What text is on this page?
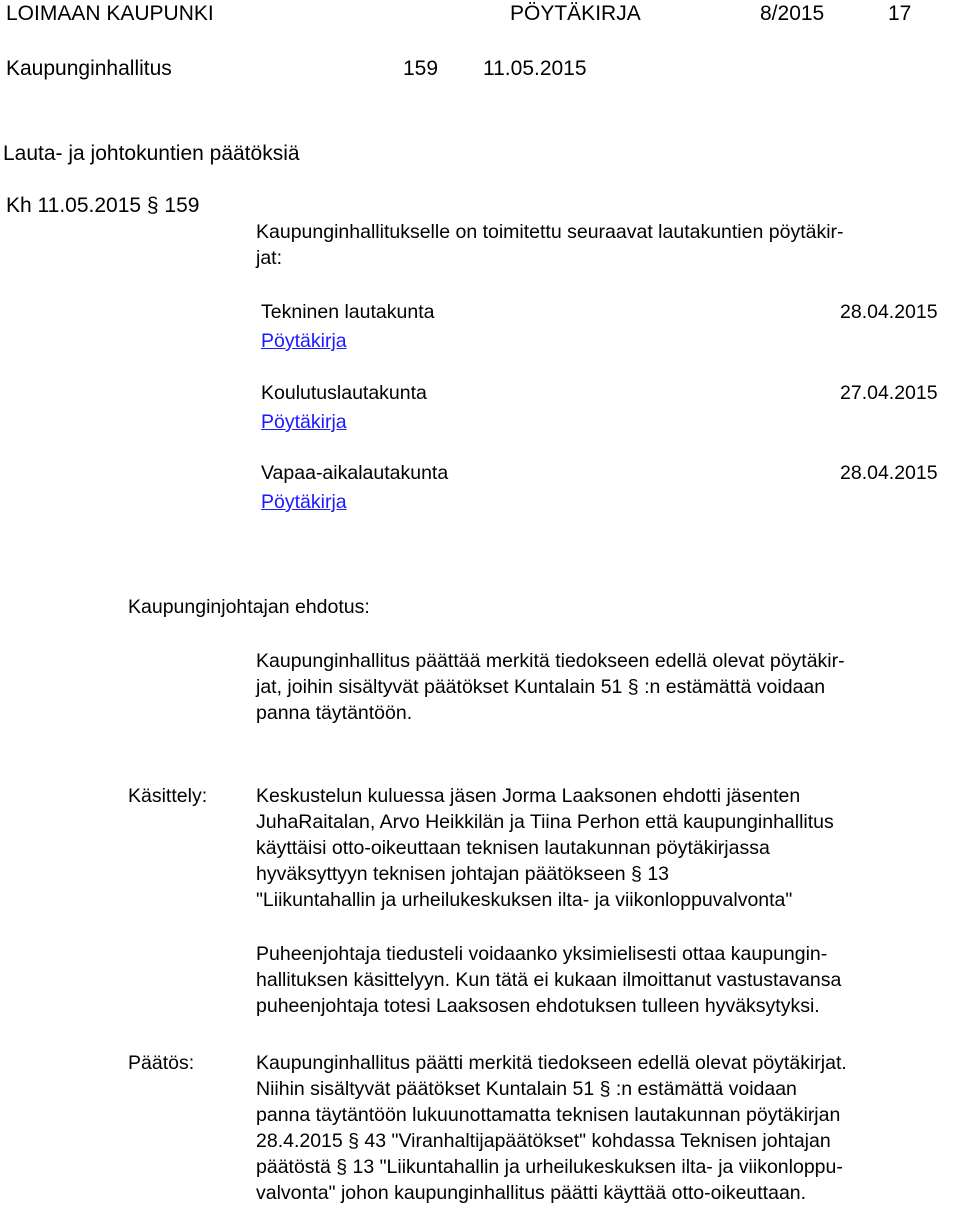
LOIMAAN KAUPUNKI	PÖYTÄKIRJA	8/2015	17
Kaupunginhallitus	159 11.05.2015
Lauta- ja johtokuntien päätöksiä
Kh 11.05.2015 § 159
Kaupunginhallitukselle on toimitettu seuraavat lautakuntien pöytäkir-
jat:
Tekninen lautakunta	28.04.2015
Pöytäkirja
Koulutuslautakunta	27.04.2015
Pöytäkirja
Vapaa-aikalautakunta	28.04.2015
Pöytäkirja
Kaupunginjohtajan ehdotus:
Kaupunginhallitus päättää merkitä tiedokseen edellä olevat pöytäkir-
jat, joihin sisältyvät päätökset Kuntalain 51 § :n estämättä voidaan
panna täytäntöön.
Käsittely:	Keskustelun kuluessa jäsen Jorma Laaksonen ehdotti jäsenten
JuhaRaitalan, Arvo Heikkilän ja Tiina Perhon että kaupunginhallitus
käyttäisi otto-oikeuttaan teknisen lautakunnan pöytäkirjassa
hyväksyttyyn teknisen johtajan päätökseen § 13
"Liikuntahallin ja urheilukeskuksen ilta- ja viikonloppuvalvonta"
Puheenjohtaja tiedusteli voidaanko yksimielisesti ottaa kaupungin-
hallituksen käsittelyyn. Kun tätä ei kukaan ilmoittanut vastustavansa
puheenjohtaja totesi Laaksosen ehdotuksen tulleen hyväksytyksi.
Päätös:	Kaupunginhallitus päätti merkitä tiedokseen edellä olevat pöytäkirjat.
Niihin sisältyvät päätökset Kuntalain 51 § :n estämättä voidaan
panna täytäntöön lukuunottamatta teknisen lautakunnan pöytäkirjan
28.4.2015 § 43 "Viranhaltijapäätökset" kohdassa Teknisen johtajan
päätöstä § 13 "Liikuntahallin ja urheilukeskuksen ilta- ja viikonloppu-
valvonta" johon kaupunginhallitus päätti käyttää otto-oikeuttaan.
